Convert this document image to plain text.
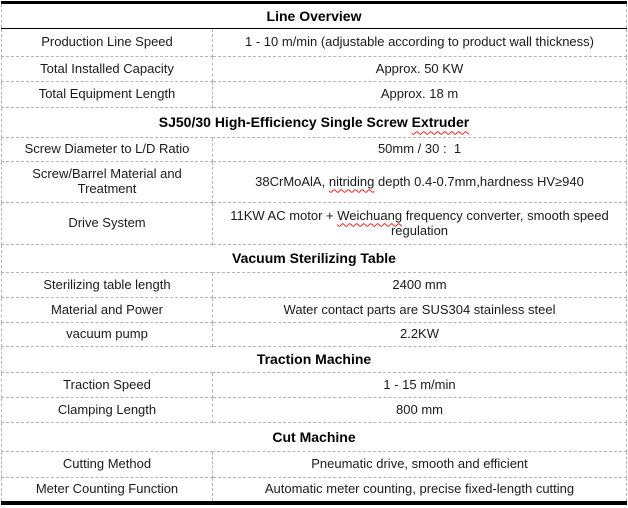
Line Overview	
Production Line Speed	1 - 10 m/min (adjustable according to product wall thickness)
Total Installed Capacity	Approx. 50 KW
Total Equipment Length	Approx. 18 m
SJ50/30 High-Efficiency Single Screw Extruder	
Screw Diameter to L/D Ratio	50mm / 30 :  1
Screw/Barrel Material and Treatment	38CrMoAlA, nitriding depth 0.4-0.7mm,hardness HV≥940
Drive System	11KW AC motor + Weichuang frequency converter, smooth speed regulation
Vacuum Sterilizing Table	
Sterilizing table length	2400 mm
Material and Power	Water contact parts are SUS304 stainless steel
vacuum pump	2.2KW
Traction Machine	
Traction Speed	1 - 15 m/min
Clamping Length	800 mm
Cut Machine	
Cutting Method	Pneumatic drive, smooth and efficient
Meter Counting Function	Automatic meter counting, precise fixed-length cutting
